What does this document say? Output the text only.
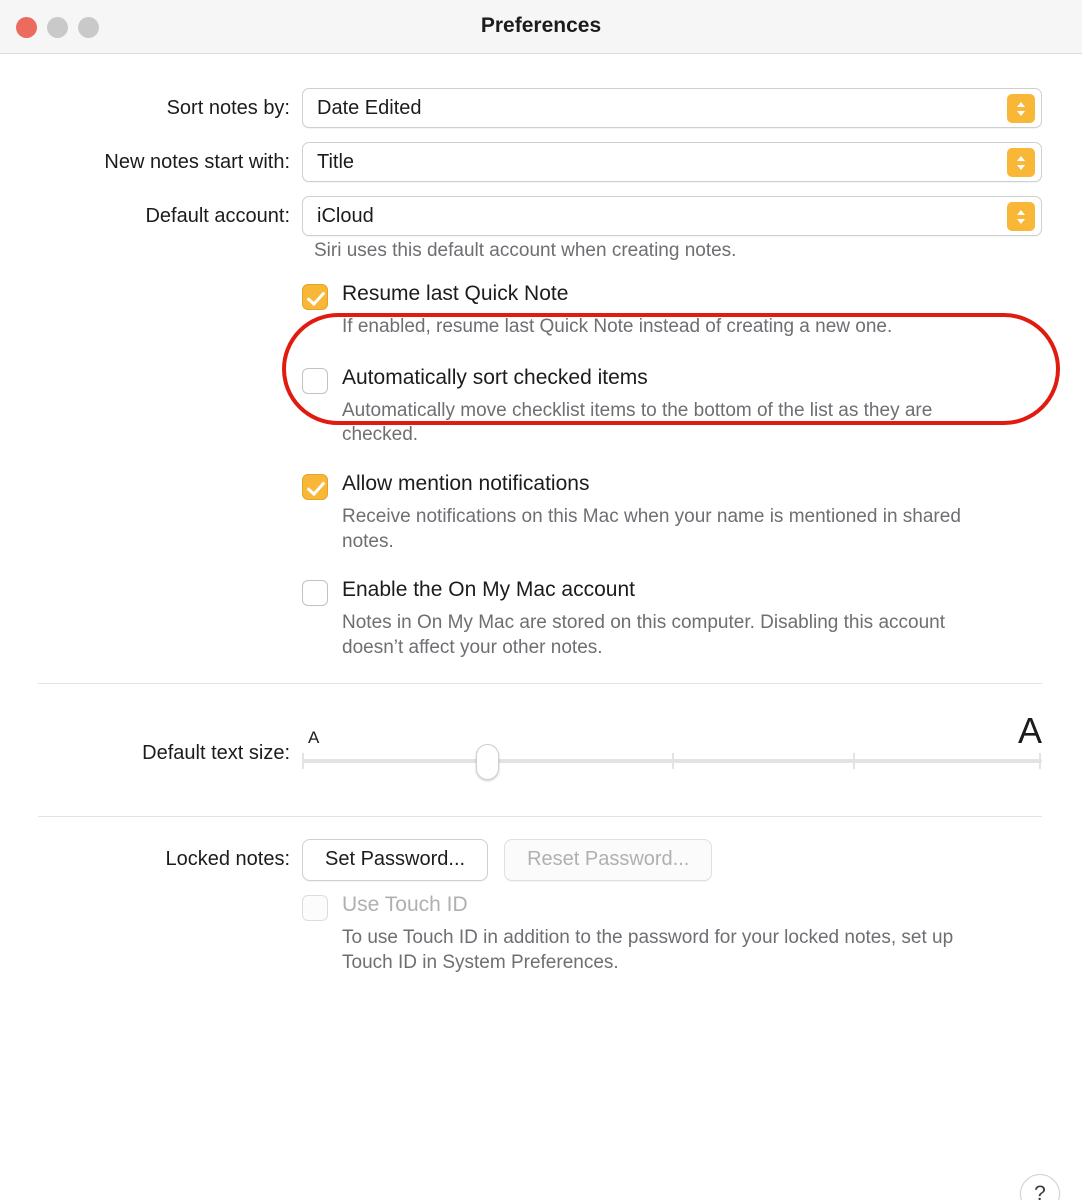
Preferences
Sort notes by:	Date Edited
New notes start with:	Title
Default account:	iCloud
Siri uses this default account when creating notes.
Resume last Quick Note
If enabled, resume last Quick Note instead of creating a new one.
Automatically sort checked items
Automatically move checklist items to the bottom of the list as they are checked.
Allow mention notifications
Receive notifications on this Mac when your name is mentioned in shared notes.
Enable the On My Mac account
Notes in On My Mac are stored on this computer. Disabling this account doesn’t affect your other notes.
Default text size:
A	A
Locked notes:	Set Password...	Reset Password...
Use Touch ID
To use Touch ID in addition to the password for your locked notes, set up Touch ID in System Preferences.
?
